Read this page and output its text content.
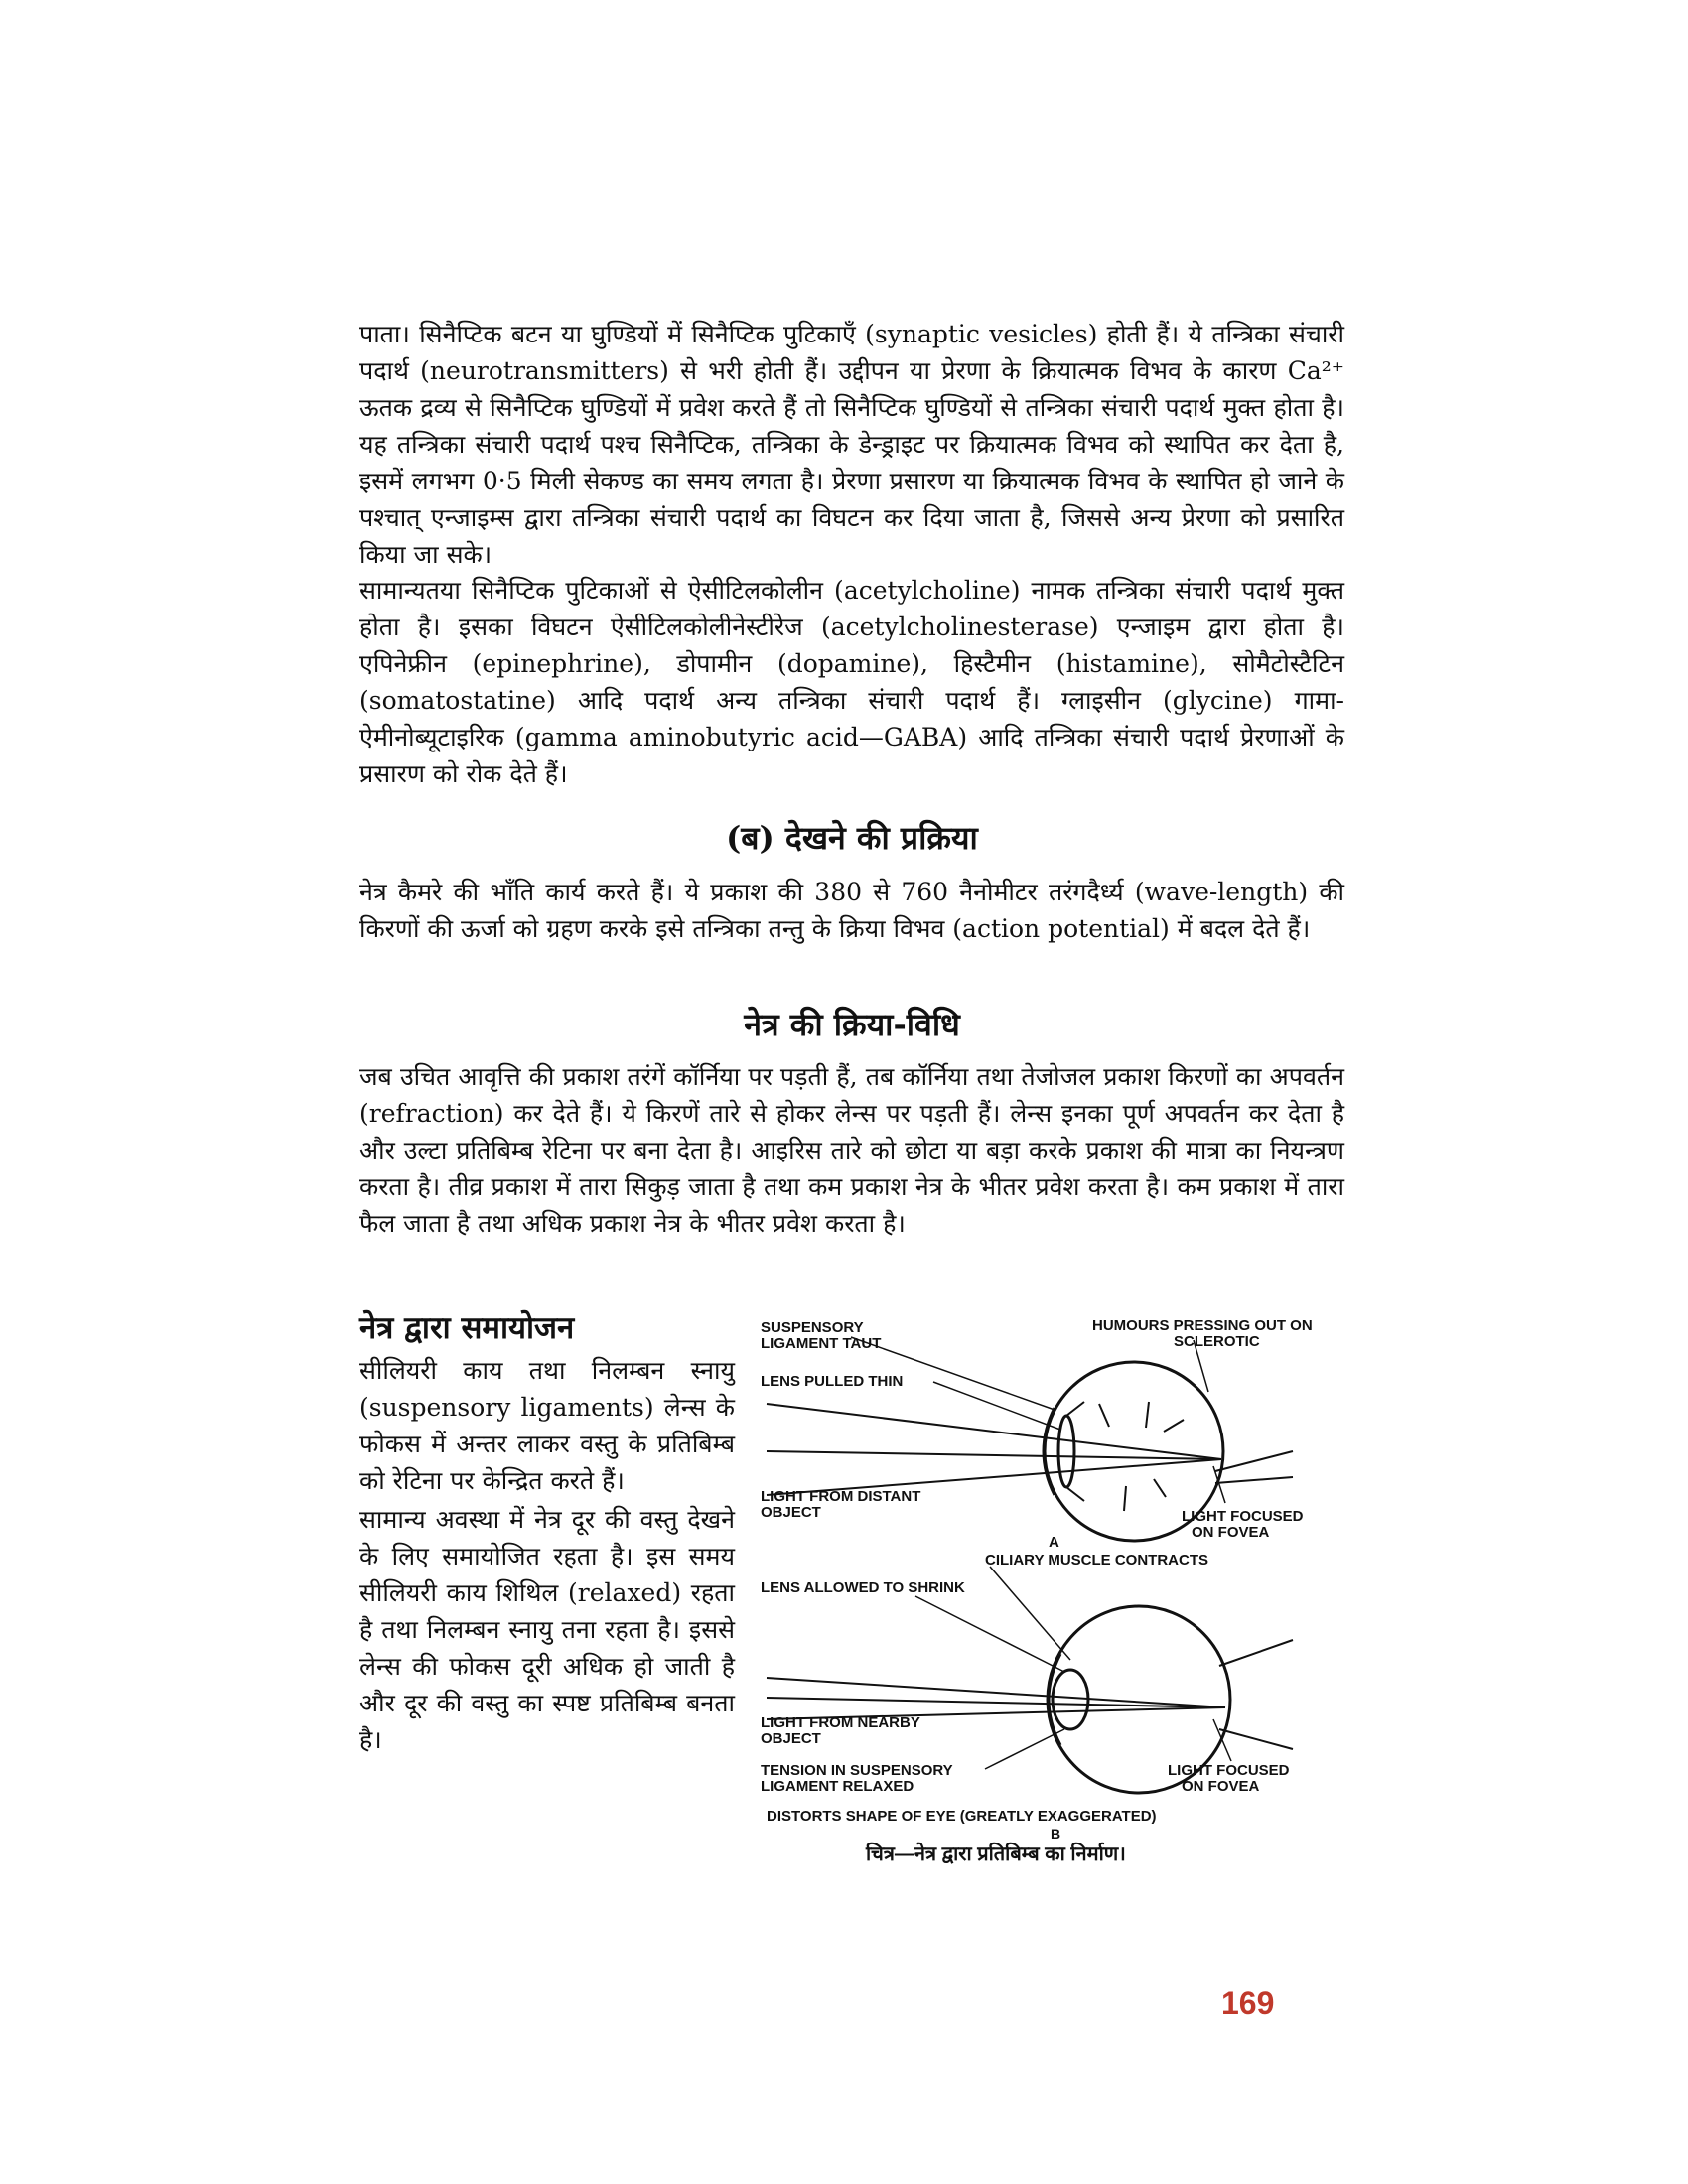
पाता। सिनैप्टिक बटन या घुण्डियों में सिनैप्टिक पुटिकाएँ (synaptic vesicles) होती हैं। ये तन्त्रिका संचारी पदार्थ (neurotransmitters) से भरी होती हैं। उद्दीपन या प्रेरणा के क्रियात्मक विभव के कारण Ca²⁺ ऊतक द्रव्य से सिनैप्टिक घुण्डियों में प्रवेश करते हैं तो सिनैप्टिक घुण्डियों से तन्त्रिका संचारी पदार्थ मुक्त होता है। यह तन्त्रिका संचारी पदार्थ पश्च सिनैप्टिक, तन्त्रिका के डेन्ड्राइट पर क्रियात्मक विभव को स्थापित कर देता है, इसमें लगभग 0·5 मिली सेकण्ड का समय लगता है। प्रेरणा प्रसारण या क्रियात्मक विभव के स्थापित हो जाने के पश्चात् एन्जाइम्स द्वारा तन्त्रिका संचारी पदार्थ का विघटन कर दिया जाता है, जिससे अन्य प्रेरणा को प्रसारित किया जा सके।

सामान्यतया सिनैप्टिक पुटिकाओं से ऐसीटिलकोलीन (acetylcholine) नामक तन्त्रिका संचारी पदार्थ मुक्त होता है। इसका विघटन ऐसीटिलकोलीनेस्टीरेज (acetylcholinesterase) एन्जाइम द्वारा होता है। एपिनेफ्रीन (epinephrine), डोपामीन (dopamine), हिस्टैमीन (histamine), सोमैटोस्टैटिन (somatostatine) आदि पदार्थ अन्य तन्त्रिका संचारी पदार्थ हैं। ग्लाइसीन (glycine) गामा-ऐमीनोब्यूटाइरिक (gamma aminobutyric acid—GABA) आदि तन्त्रिका संचारी पदार्थ प्रेरणाओं के प्रसारण को रोक देते हैं।

(ब) देखने की प्रक्रिया

नेत्र कैमरे की भाँति कार्य करते हैं। ये प्रकाश की 380 से 760 नैनोमीटर तरंगदैर्ध्य (wave-length) की किरणों की ऊर्जा को ग्रहण करके इसे तन्त्रिका तन्तु के क्रिया विभव (action potential) में बदल देते हैं।

नेत्र की क्रिया-विधि

जब उचित आवृत्ति की प्रकाश तरंगें कॉर्निया पर पड़ती हैं, तब कॉर्निया तथा तेजोजल प्रकाश किरणों का अपवर्तन (refraction) कर देते हैं। ये किरणें तारे से होकर लेन्स पर पड़ती हैं। लेन्स इनका पूर्ण अपवर्तन कर देता है और उल्टा प्रतिबिम्ब रेटिना पर बना देता है। आइरिस तारे को छोटा या बड़ा करके प्रकाश की मात्रा का नियन्त्रण करता है। तीव्र प्रकाश में तारा सिकुड़ जाता है तथा कम प्रकाश नेत्र के भीतर प्रवेश करता है। कम प्रकाश में तारा फैल जाता है तथा अधिक प्रकाश नेत्र के भीतर प्रवेश करता है।

नेत्र द्वारा समायोजन

सीलियरी काय तथा निलम्बन स्नायु (suspensory ligaments) लेन्स के फोकस में अन्तर लाकर वस्तु के प्रतिबिम्ब को रेटिना पर केन्द्रित करते हैं।

सामान्य अवस्था में नेत्र दूर की वस्तु देखने के लिए समायोजित रहता है। इस समय सीलियरी काय शिथिल (relaxed) रहता है तथा निलम्बन स्नायु तना रहता है। इससे लेन्स की फोकस दूरी अधिक हो जाती है और दूर की वस्तु का स्पष्ट प्रतिबिम्ब बनता है।

SUSPENSORY
LIGAMENT TAUT
HUMOURS PRESSING OUT ON
SCLEROTIC
LENS PULLED THIN
LIGHT FROM DISTANT
OBJECT	LIGHT FOCUSED
ON FOVEA
A
CILIARY MUSCLE CONTRACTS
LENS ALLOWED TO SHRINK
LIGHT FROM NEARBY
OBJECT
TENSION IN SUSPENSORY
LIGAMENT RELAXED
LIGHT FOCUSED
ON FOVEA
DISTORTS SHAPE OF EYE (GREATLY EXAGGERATED)
B
चित्र—नेत्र द्वारा प्रतिबिम्ब का निर्माण।
169
